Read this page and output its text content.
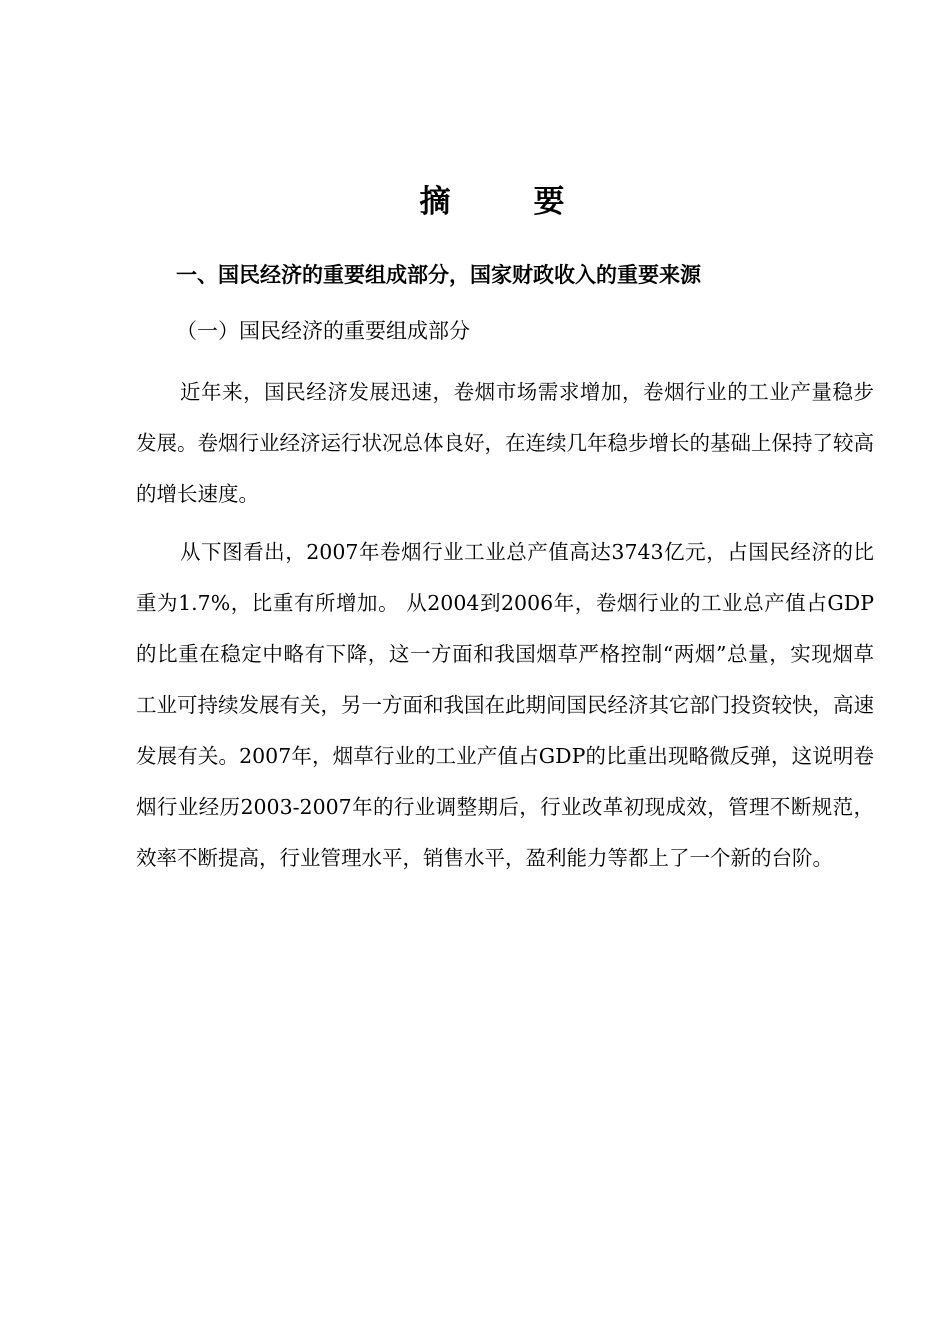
摘　要
一、国民经济的重要组成部分，国家财政收入的重要来源
（一）国民经济的重要组成部分

近年来，国民经济发展迅速，卷烟市场需求增加，卷烟行业的工业产量稳步发展。卷烟行业经济运行状况总体良好，在连续几年稳步增长的基础上保持了较高的增长速度。

从下图看出，2007年卷烟行业工业总产值高达3743亿元，占国民经济的比重为1.7%，比重有所增加。 从2004到2006年，卷烟行业的工业总产值占GDP的比重在稳定中略有下降，这一方面和我国烟草严格控制“两烟”总量，实现烟草工业可持续发展有关，另一方面和我国在此期间国民经济其它部门投资较快，高速发展有关。2007年，烟草行业的工业产值占GDP的比重出现略微反弹，这说明卷烟行业经历2003-2007年的行业调整期后，行业改革初现成效，管理不断规范，效率不断提高，行业管理水平，销售水平，盈利能力等都上了一个新的台阶。
